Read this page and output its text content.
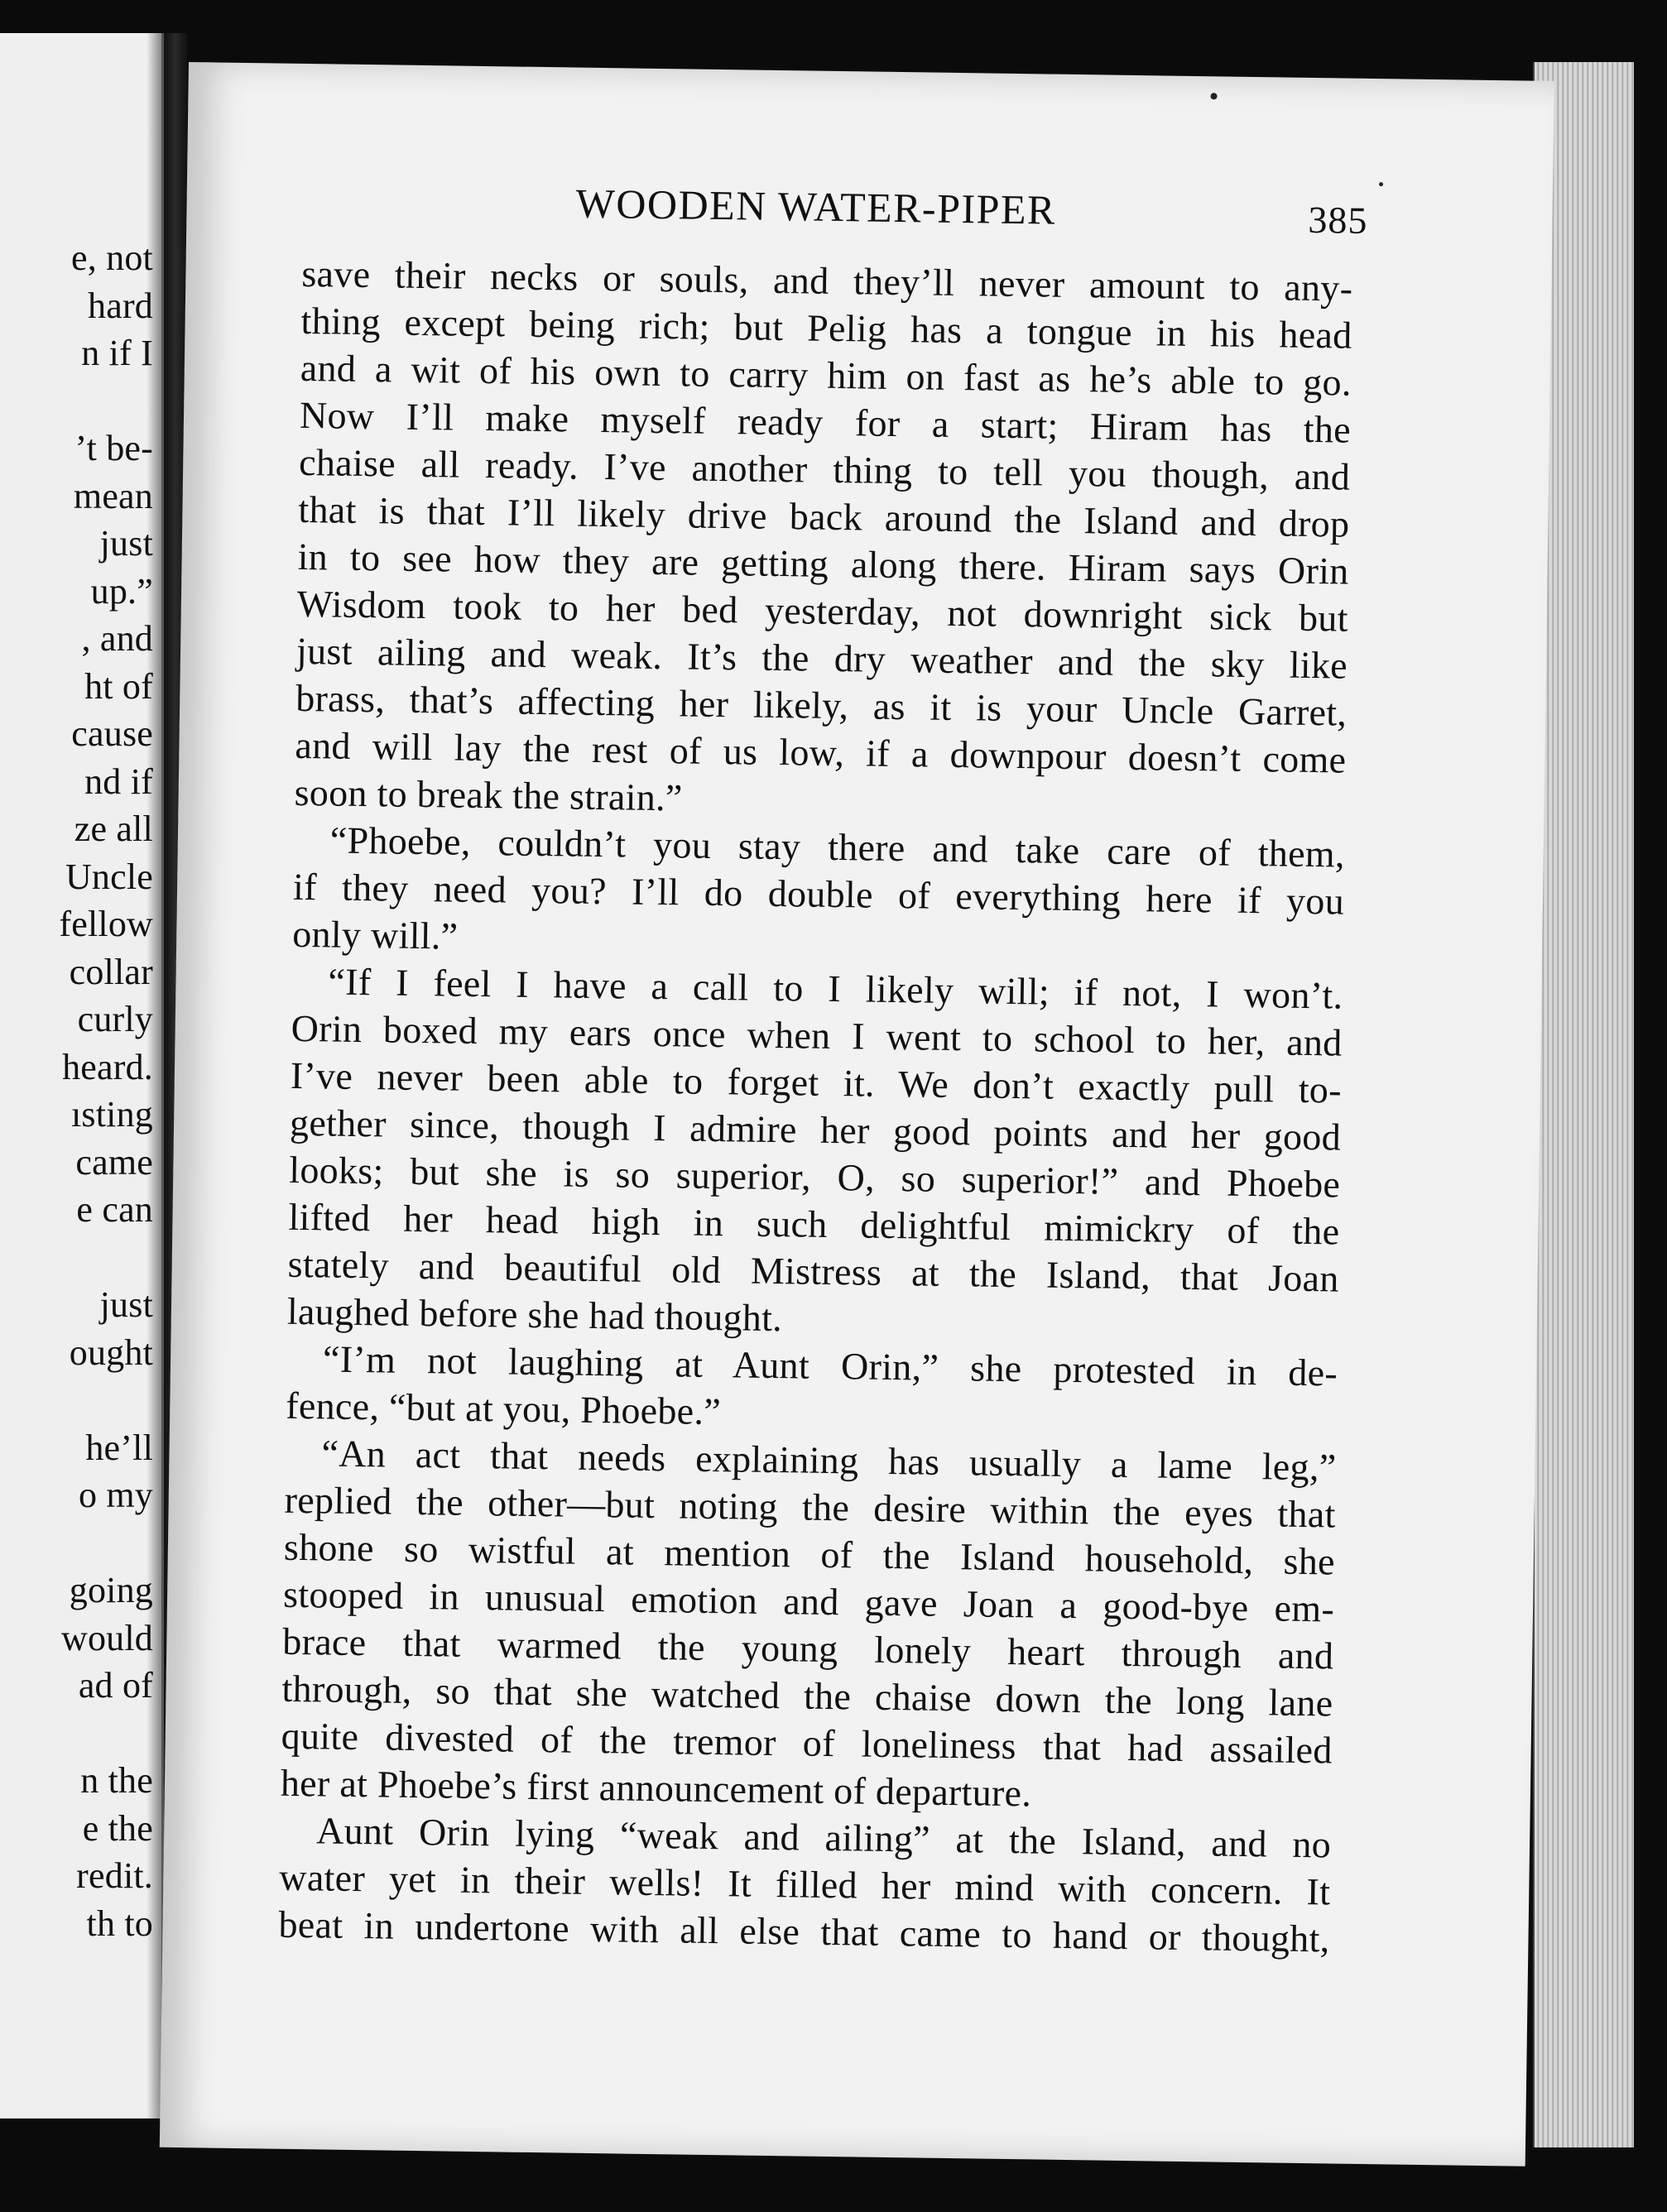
e, not
hard
n if I
’t be-
mean
just
up.”
, and
ht of
cause
nd if
ze all
Uncle
fellow
collar
curly
heard.
ısting
came
e can
just
ought
he’ll
o my
going
would
ad of
n the
e the
redit.
th to
WOODEN WATER-PIPER	385
save their necks or souls, and they’ll never amount to any-
thing except being rich; but Pelig has a tongue in his head
and a wit of his own to carry him on fast as he’s able to go.
Now I’ll make myself ready for a start; Hiram has the
chaise all ready. I’ve another thing to tell you though, and
that is that I’ll likely drive back around the Island and drop
in to see how they are getting along there. Hiram says Orin
Wisdom took to her bed yesterday, not downright sick but
just ailing and weak. It’s the dry weather and the sky like
brass, that’s affecting her likely, as it is your Uncle Garret,
and will lay the rest of us low, if a downpour doesn’t come
soon to break the strain.”
“Phoebe, couldn’t you stay there and take care of them,
if they need you? I’ll do double of everything here if you
only will.”
“If I feel I have a call to I likely will; if not, I won’t.
Orin boxed my ears once when I went to school to her, and
I’ve never been able to forget it. We don’t exactly pull to-
gether since, though I admire her good points and her good
looks; but she is so superior, O, so superior!” and Phoebe
lifted her head high in such delightful mimickry of the
stately and beautiful old Mistress at the Island, that Joan
laughed before she had thought.
“I’m not laughing at Aunt Orin,” she protested in de-
fence, “but at you, Phoebe.”
“An act that needs explaining has usually a lame leg,”
replied the other—but noting the desire within the eyes that
shone so wistful at mention of the Island household, she
stooped in unusual emotion and gave Joan a good-bye em-
brace that warmed the young lonely heart through and
through, so that she watched the chaise down the long lane
quite divested of the tremor of loneliness that had assailed
her at Phoebe’s first announcement of departure.
Aunt Orin lying “weak and ailing” at the Island, and no
water yet in their wells! It filled her mind with concern. It
beat in undertone with all else that came to hand or thought,
